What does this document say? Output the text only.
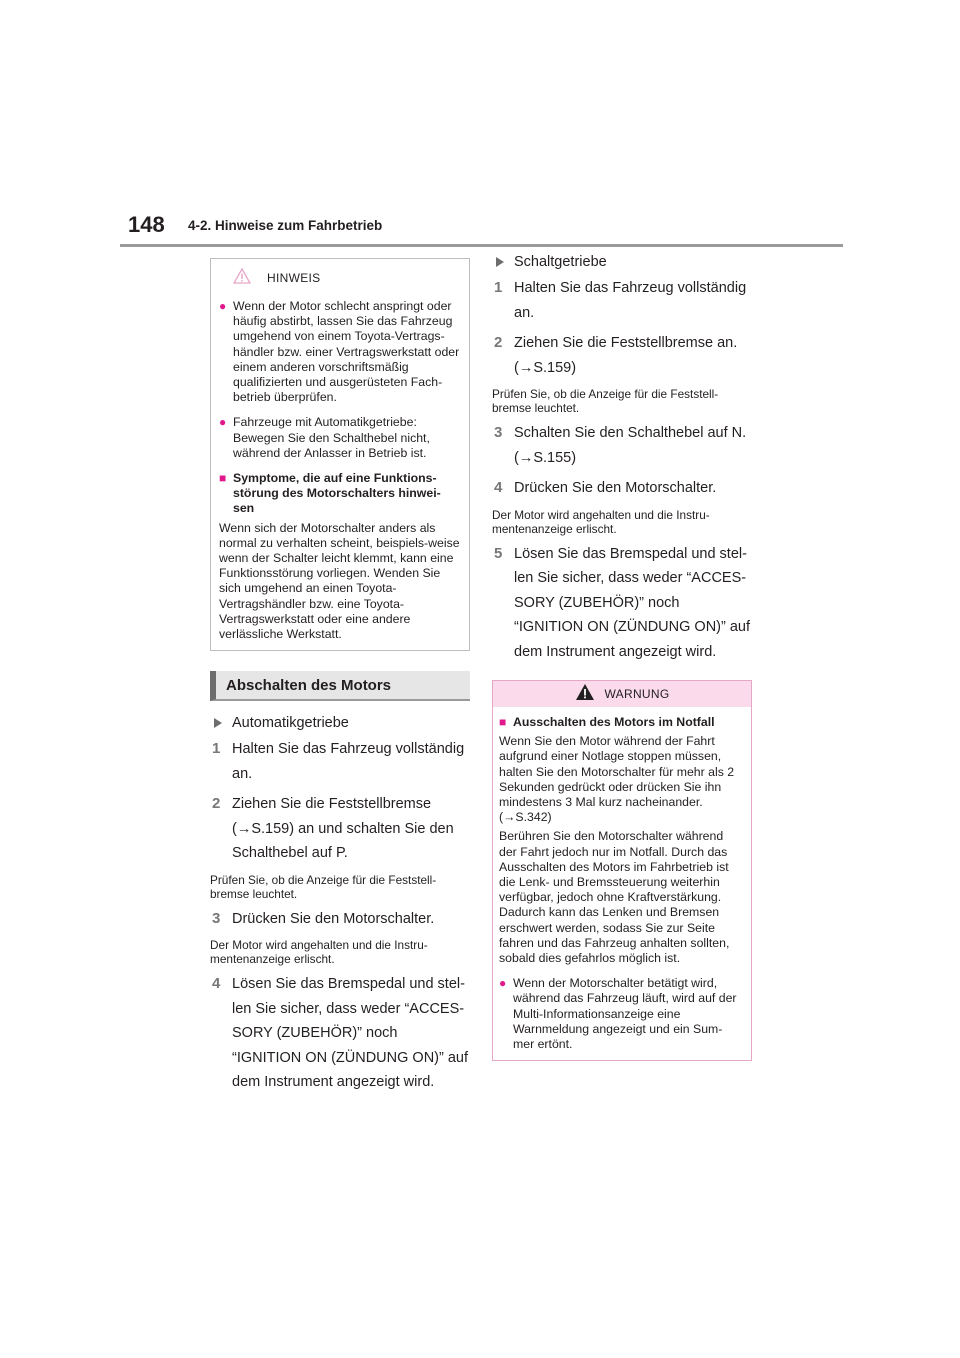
148 4-2. Hinweise zum Fahrbetrieb
HINWEIS
● Wenn der Motor schlecht anspringt oder häufig abstirbt, lassen Sie das Fahrzeug umgehend von einem Toyota-Vertrags-händler bzw. einer Vertragswerkstatt oder einem anderen vorschriftsmäßig qualifizierten und ausgerüsteten Fach-betrieb überprüfen.
● Fahrzeuge mit Automatikgetriebe: Bewegen Sie den Schalthebel nicht, während der Anlasser in Betrieb ist.
■ Symptome, die auf eine Funktions-störung des Motorschalters hinwei-sen
Wenn sich der Motorschalter anders als normal zu verhalten scheint, beispiels-weise wenn der Schalter leicht klemmt, kann eine Funktionsstörung vorliegen. Wenden Sie sich umgehend an einen Toyota-Vertragshändler bzw. eine Toyota-Vertragswerkstatt oder eine andere verlässliche Werkstatt.
Abschalten des Motors
Automatikgetriebe
1 Halten Sie das Fahrzeug vollständig an.
2 Ziehen Sie die Feststellbremse (→S.159) an und schalten Sie den Schalthebel auf P.
Prüfen Sie, ob die Anzeige für die Feststell-bremse leuchtet.
3 Drücken Sie den Motorschalter.
Der Motor wird angehalten und die Instru-mentenanzeige erlischt.
4 Lösen Sie das Bremspedal und stel-len Sie sicher, dass weder “ACCES-SORY (ZUBEHÖR)” noch “IGNITION ON (ZÜNDUNG ON)” auf dem Instrument angezeigt wird.
Schaltgetriebe
1 Halten Sie das Fahrzeug vollständig an.
2 Ziehen Sie die Feststellbremse an. (→S.159)
Prüfen Sie, ob die Anzeige für die Feststell-bremse leuchtet.
3 Schalten Sie den Schalthebel auf N. (→S.155)
4 Drücken Sie den Motorschalter.
Der Motor wird angehalten und die Instru-mentenanzeige erlischt.
5 Lösen Sie das Bremspedal und stel-len Sie sicher, dass weder “ACCES-SORY (ZUBEHÖR)” noch “IGNITION ON (ZÜNDUNG ON)” auf dem Instrument angezeigt wird.
WARNUNG
■ Ausschalten des Motors im Notfall
Wenn Sie den Motor während der Fahrt aufgrund einer Notlage stoppen müssen, halten Sie den Motorschalter für mehr als 2 Sekunden gedrückt oder drücken Sie ihn mindestens 3 Mal kurz nacheinander. (→S.342)
Berühren Sie den Motorschalter während der Fahrt jedoch nur im Notfall. Durch das Ausschalten des Motors im Fahrbetrieb ist die Lenk- und Bremssteuerung weiterhin verfügbar, jedoch ohne Kraftverstärkung. Dadurch kann das Lenken und Bremsen erschwert werden, sodass Sie zur Seite fahren und das Fahrzeug anhalten sollten, sobald dies gefahrlos möglich ist.
● Wenn der Motorschalter betätigt wird, während das Fahrzeug läuft, wird auf der Multi-Informationsanzeige eine Warnmeldung angezeigt und ein Sum-mer ertönt.
